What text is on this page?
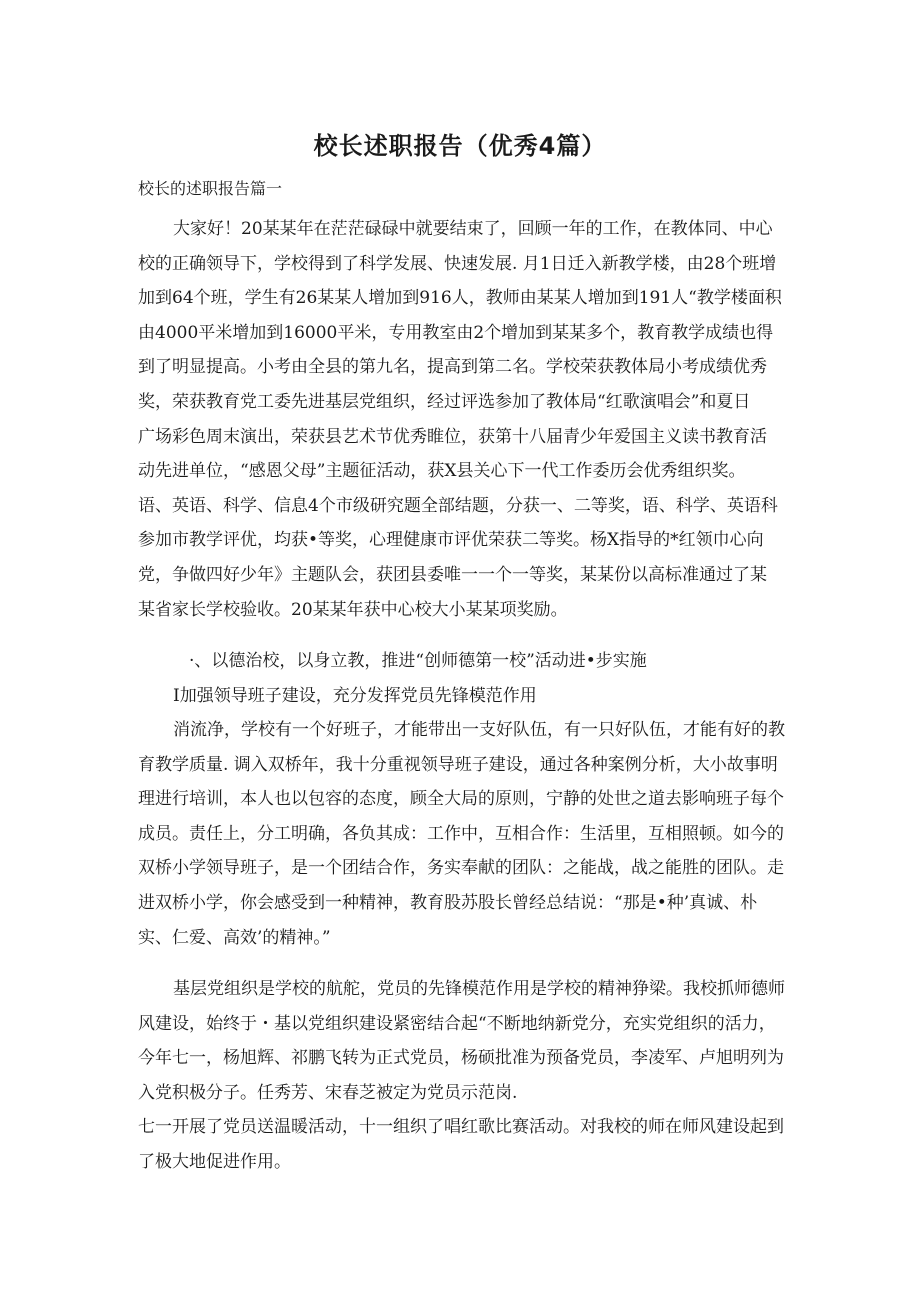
校长述职报告（优秀4篇）

校长的述职报告篇一

大家好！20某某年在茫茫碌碌中就要结束了，回顾一年的工作，在教体同、中心

校的正确领导下，学校得到了科学发展、快速发展. 月1日迁入新教学楼，由28个班增

加到64个班，学生有26某某人增加到916人，教师由某某人增加到191人“教学楼面积

由4000平米增加到16000平米，专用教室由2个增加到某某多个，教育教学成绩也得

到了明显提高。小考由全县的第九名，提高到第二名。学校荣获教体局小考成绩优秀

奖，荣获教育党工委先进基层党组织，经过评选参加了教体局“红歌演唱会”和夏日

广场彩色周末演出，荣获县艺术节优秀睢位，获第十八届青少年爱国主义读书教育活

动先进单位，“感恩父母”主题征活动，获X县关心下一代工作委历会优秀组织奖。

语、英语、科学、信息4个市级研究题全部结题，分获一、二等奖，语、科学、英语科

参加市教学评优，均获•等奖，心理健康市评优荣获二等奖。杨X指导的*红领巾心向

党，争做四好少年》主题队会，获团县委唯一一个一等奖，某某份以高标准通过了某

某省家长学校验收。20某某年获中心校大小某某项奖励。

·、以德治校，以身立教，推进“创师德第一校”活动进•步实施

I加强领导班子建设，充分发挥党员先锋模范作用

消流净，学校有一个好班子，才能带出一支好队伍，有一只好队伍，才能有好的教

育教学质量. 调入双桥年，我十分重视领导班子建设，通过各种案例分析，大小故事明

理进行培训，本人也以包容的态度，顾全大局的原则，宁静的处世之道去影响班子每个

成员。责任上，分工明确，各负其成：工作中，互相合作：生活里，互相照顿。如今的

双桥小学领导班子，是一个团结合作，务实奉献的团队：之能战，战之能胜的团队。走

进双桥小学，你会感受到一种精神，教育股苏股长曾经总结说：“那是•种’真诚、朴

实、仁爱、高效’的精神。”

基层党组织是学校的航舵，党员的先锋模范作用是学校的精神狰梁。我校抓师德师

风建设，始终于・基以党组织建设紧密结合起“不断地纳新党分，充实党组织的活力，

今年七一，杨旭辉、祁鹏飞转为正式党员，杨硕批准为预备党员，李凌军、卢旭明列为

入党积极分子。任秀芳、宋春芝被定为党员示范岗.

七一开展了党员送温暖活动，十一组织了唱红歌比赛活动。对我校的师在师风建设起到

了极大地促进作用。
